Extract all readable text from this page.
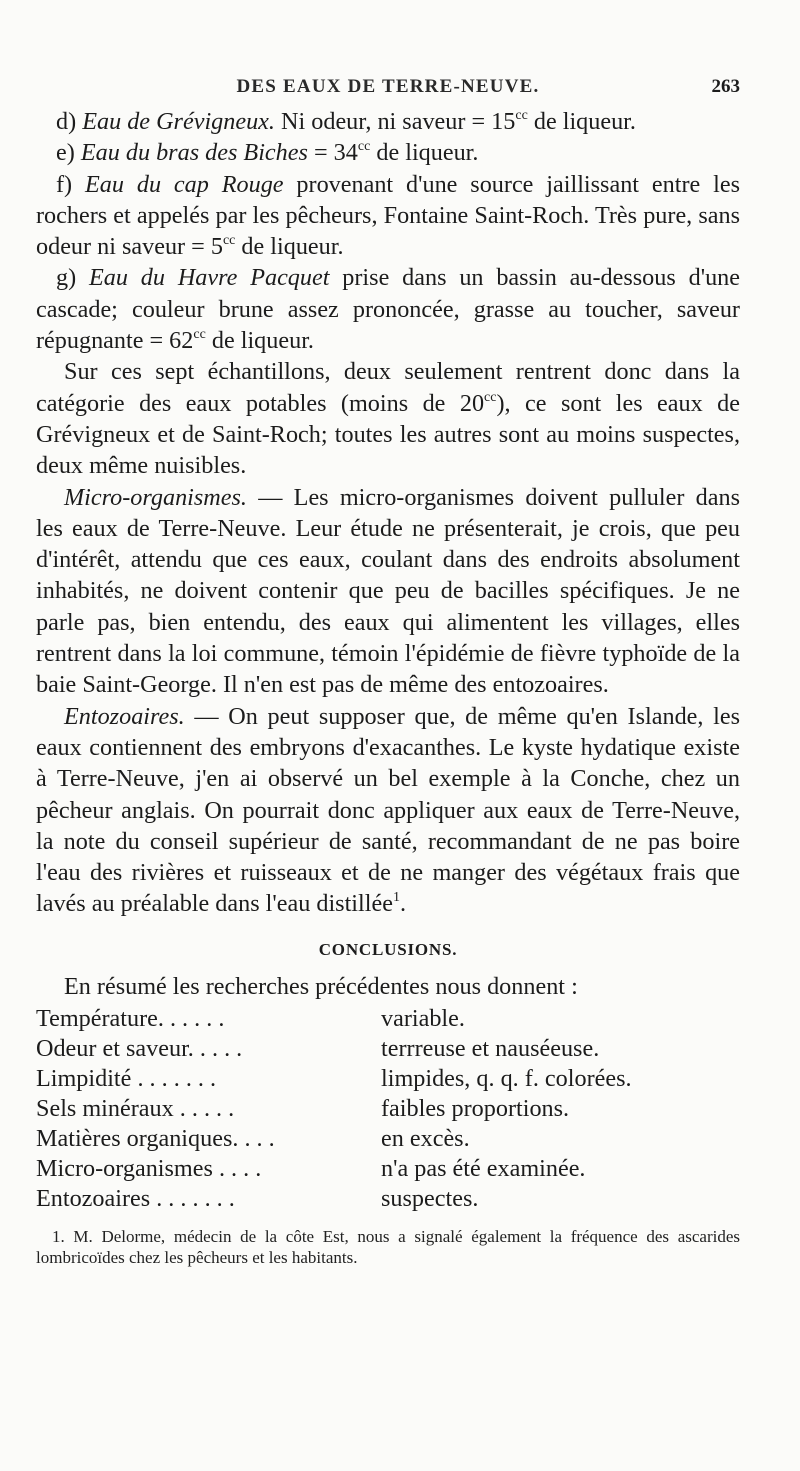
DES EAUX DE TERRE-NEUVE.	263

d) Eau de Grévigneux. Ni odeur, ni saveur = $15^{cc}$ de liqueur.

e) Eau du bras des Biches = $34^{cc}$ de liqueur.

f) Eau du cap Rouge provenant d'une source jaillissant entre les rochers et appelés par les pêcheurs, Fontaine Saint-Roch. Très pure, sans odeur ni saveur = $5^{cc}$ de liqueur.

g) Eau du Havre Pacquet prise dans un bassin au-dessous d'une cascade; couleur brune assez prononcée, grasse au toucher, saveur répugnante = $62^{cc}$ de liqueur.

Sur ces sept échantillons, deux seulement rentrent donc dans la catégorie des eaux potables (moins de $20^{cc}$), ce sont les eaux de Grévigneux et de Saint-Roch; toutes les autres sont au moins suspectes, deux même nuisibles.

Micro-organismes. — Les micro-organismes doivent pulluler dans les eaux de Terre-Neuve. Leur étude ne présenterait, je crois, que peu d'intérêt, attendu que ces eaux, coulant dans des endroits absolument inhabités, ne doivent contenir que peu de bacilles spécifiques. Je ne parle pas, bien entendu, des eaux qui alimentent les villages, elles rentrent dans la loi commune, témoin l'épidémie de fièvre typhoïde de la baie Saint-George. Il n'en est pas de même des entozoaires.

Entozoaires. — On peut supposer que, de même qu'en Islande, les eaux contiennent des embryons d'exacanthes. Le kyste hydatique existe à Terre-Neuve, j'en ai observé un bel exemple à la Conche, chez un pêcheur anglais. On pourrait donc appliquer aux eaux de Terre-Neuve, la note du conseil supérieur de santé, recommandant de ne pas boire l'eau des rivières et ruisseaux et de ne manger des végétaux frais que lavés au préalable dans l'eau distillée$^1$.

CONCLUSIONS.

En résumé les recherches précédentes nous donnent :

Température. . . . . .	variable.
Odeur et saveur. . . . .	terrreuse et nauséeuse.
Limpidité . . . . . . .	limpides, q. q. f. colorées.
Sels minéraux . . . . .	faibles proportions.
Matières organiques. . . .	en excès.
Micro-organismes . . . .	n'a pas été examinée.
Entozoaires . . . . . . .	suspectes.

1. M. Delorme, médecin de la côte Est, nous a signalé également la fréquence des ascarides lombricoïdes chez les pêcheurs et les habitants.
